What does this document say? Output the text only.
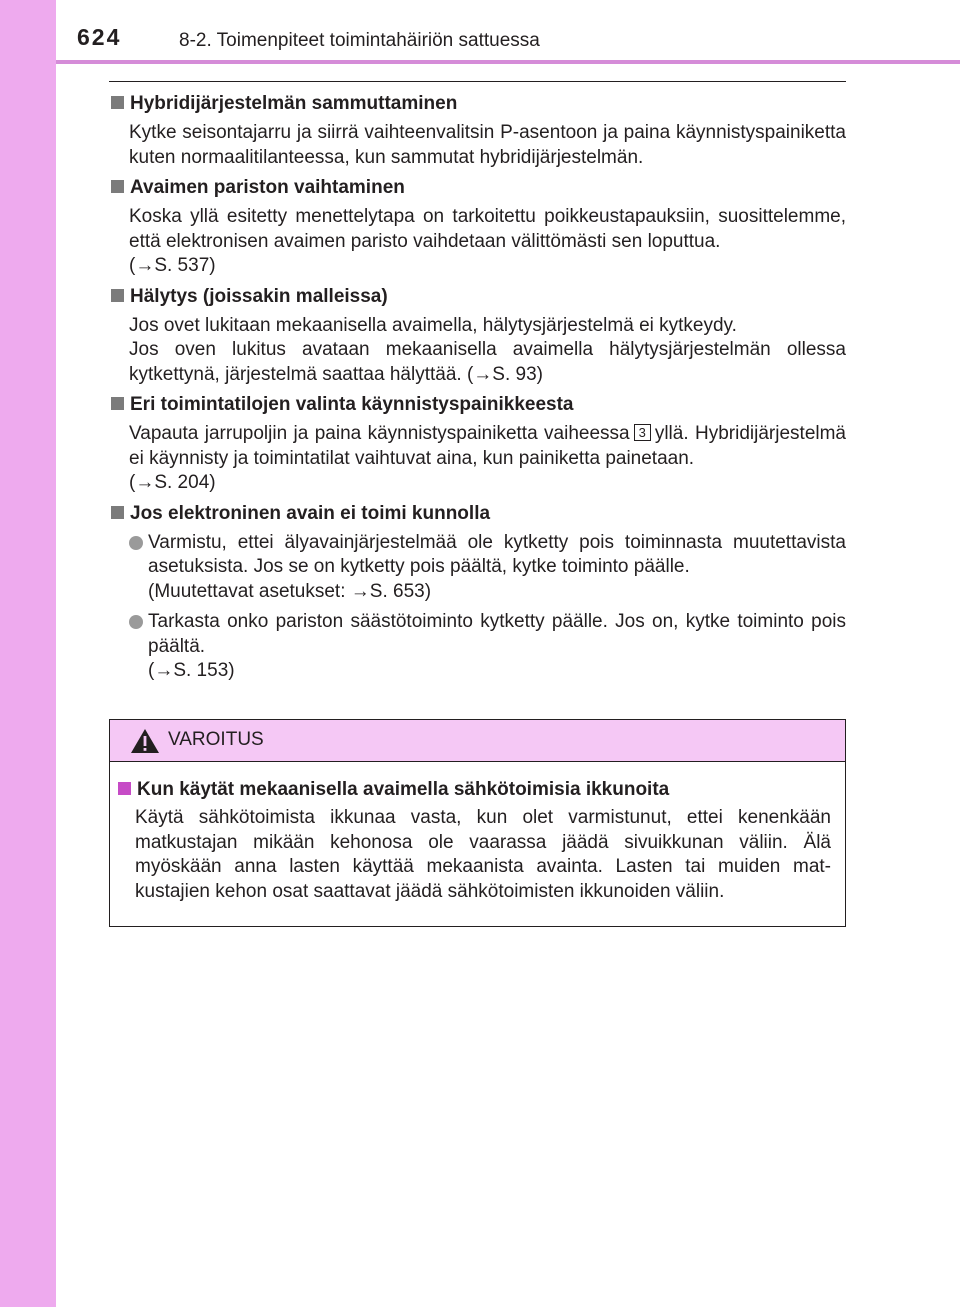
624	8-2. Toimenpiteet toimintahäiriön sattuessa
Hybridijärjestelmän sammuttaminen
Kytke seisontajarru ja siirrä vaihteenvalitsin P-asentoon ja paina käynnistyspainiketta kuten normaalitilanteessa, kun sammutat hybridijärjestelmän.
Avaimen pariston vaihtaminen
Koska yllä esitetty menettelytapa on tarkoitettu poikkeustapauksiin, suosittelemme, että elektronisen avaimen paristo vaihdetaan välittömästi sen loputtua.
(→S. 537)
Hälytys (joissakin malleissa)
Jos ovet lukitaan mekaanisella avaimella, hälytysjärjestelmä ei kytkeydy.
Jos oven lukitus avataan mekaanisella avaimella hälytysjärjestelmän ollessa kytkettynä, järjestelmä saattaa hälyttää. (→S. 93)
Eri toimintatilojen valinta käynnistyspainikkeesta
Vapauta jarrupoljin ja paina käynnistyspainiketta vaiheessa 3 yllä. Hybridijärjestelmä ei käynnisty ja toimintatilat vaihtuvat aina, kun painiketta painetaan.
(→S. 204)
Jos elektroninen avain ei toimi kunnolla
Varmistu, ettei älyavainjärjestelmää ole kytketty pois toiminnasta muutettavista asetuksista. Jos se on kytketty pois päältä, kytke toiminto päälle.
(Muutettavat asetukset: →S. 653)
Tarkasta onko pariston säästötoiminto kytketty päälle. Jos on, kytke toiminto pois päältä.
(→S. 153)
VAROITUS
Kun käytät mekaanisella avaimella sähkötoimisia ikkunoita
Käytä sähkötoimista ikkunaa vasta, kun olet varmistunut, ettei kenenkään matkustajan mikään kehonosa ole vaarassa jäädä sivuikkunan väliin. Älä myöskään anna lasten käyttää mekaanista avainta. Lasten tai muiden matkustajien kehon osat saattavat jäädä sähkötoimisten ikkunoiden väliin.
